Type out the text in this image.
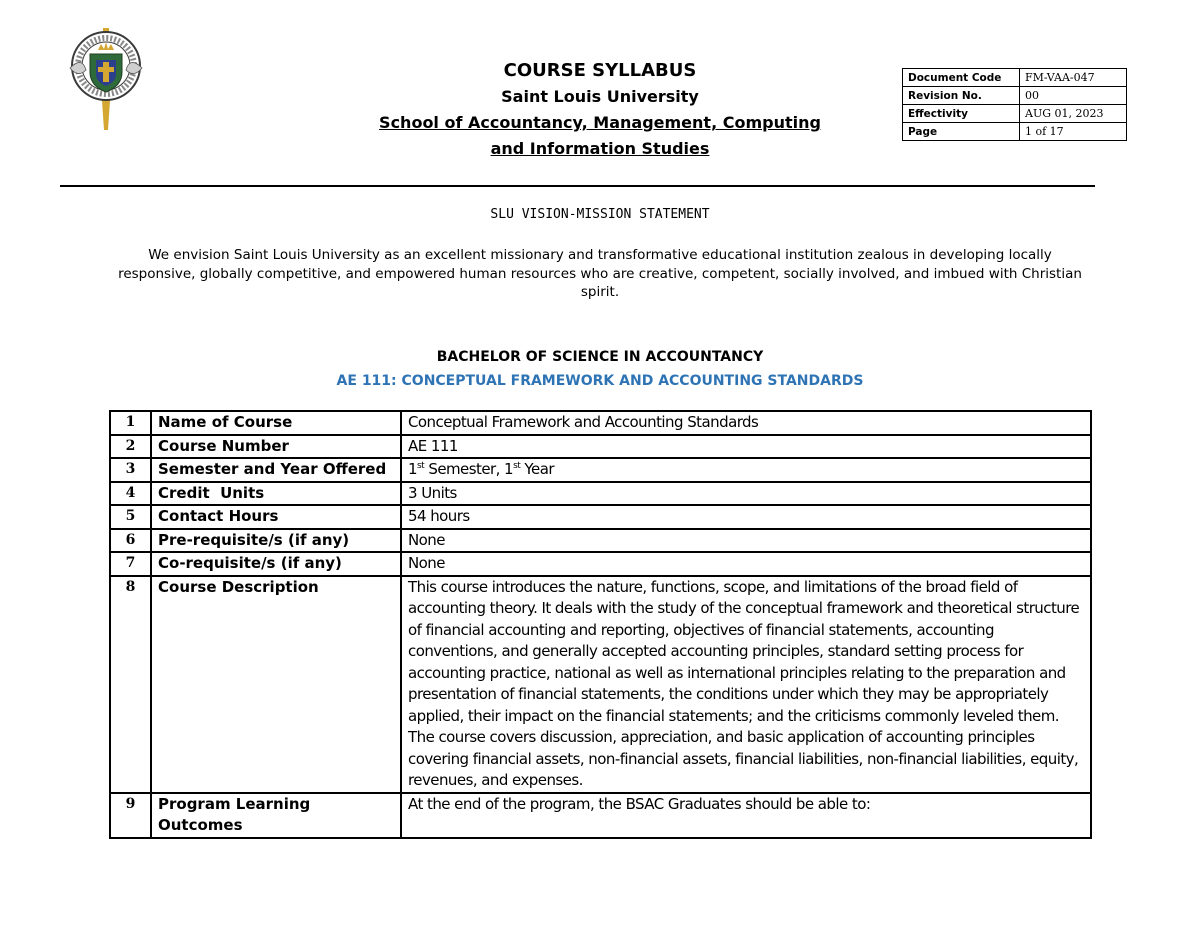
COURSE SYLLABUS
Saint Louis University
School of Accountancy, Management, Computing
and Information Studies
Document Code	FM-VAA-047
Revision No.	00
Effectivity	AUG 01, 2023
Page	1 of 17
SLU VISION-MISSION STATEMENT
We envision Saint Louis University as an excellent missionary and transformative educational institution zealous in developing locally responsive, globally competitive, and empowered human resources who are creative, competent, socially involved, and imbued with Christian spirit.
BACHELOR OF SCIENCE IN ACCOUNTANCY
AE 111: CONCEPTUAL FRAMEWORK AND ACCOUNTING STANDARDS
1	Name of Course	Conceptual Framework and Accounting Standards
2	Course Number	AE 111
3	Semester and Year Offered	1st Semester, 1st Year
4	Credit  Units	3 Units
5	Contact Hours	54 hours
6	Pre-requisite/s (if any)	None
7	Co-requisite/s (if any)	None
8	Course Description	This course introduces the nature, functions, scope, and limitations of the broad field of accounting theory. It deals with the study of the conceptual framework and theoretical structure of financial accounting and reporting, objectives of financial statements, accounting conventions, and generally accepted accounting principles, standard setting process for accounting practice, national as well as international principles relating to the preparation and presentation of financial statements, the conditions under which they may be appropriately applied, their impact on the financial statements; and the criticisms commonly leveled them. The course covers discussion, appreciation, and basic application of accounting principles covering financial assets, non-financial assets, financial liabilities, non-financial liabilities, equity, revenues, and expenses.
9	Program Learning Outcomes	At the end of the program, the BSAC Graduates should be able to:
